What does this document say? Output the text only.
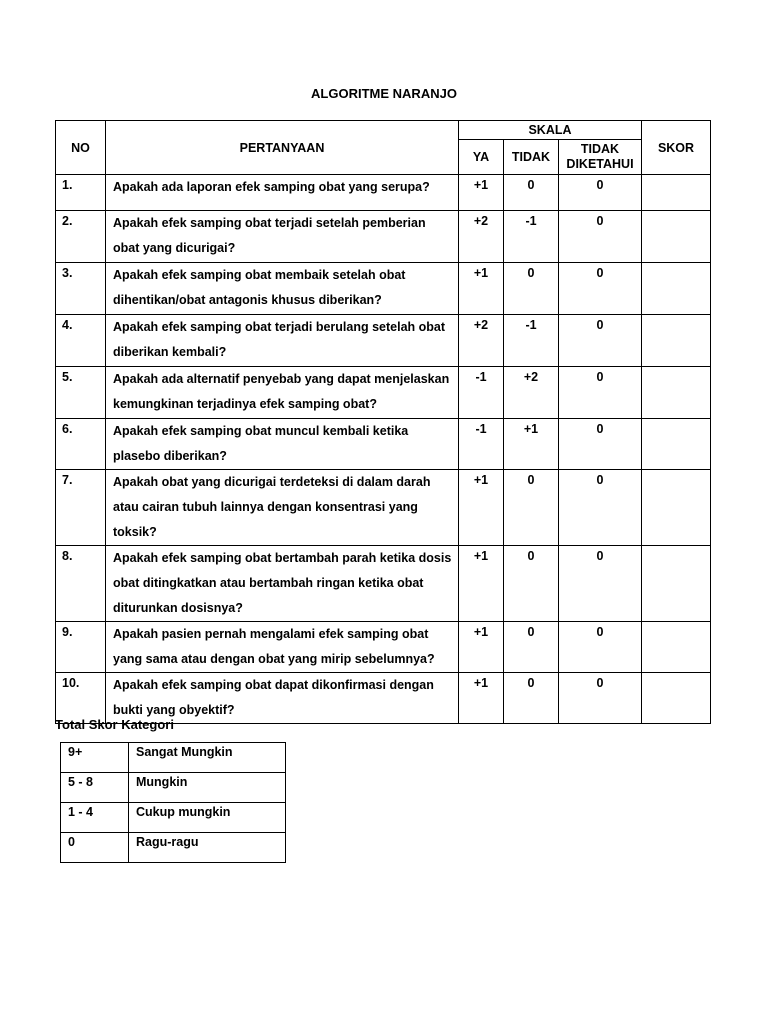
ALGORITME NARANJO
NO	PERTANYAAN	SKALA			SKOR
		YA	TIDAK	TIDAK DIKETAHUI	
1.	Apakah ada laporan efek samping obat yang serupa?	+1	0	0	
2.	Apakah efek samping obat terjadi setelah pemberian obat yang dicurigai?	+2	-1	0	
3.	Apakah efek samping obat membaik setelah obat dihentikan/obat antagonis khusus diberikan?	+1	0	0	
4.	Apakah efek samping obat terjadi berulang setelah obat diberikan kembali?	+2	-1	0	
5.	Apakah ada alternatif penyebab yang dapat menjelaskan kemungkinan terjadinya efek samping obat?	-1	+2	0	
6.	Apakah efek samping obat muncul kembali ketika plasebo diberikan?	-1	+1	0	
7.	Apakah obat yang dicurigai terdeteksi di dalam darah atau cairan tubuh lainnya dengan konsentrasi yang toksik?	+1	0	0	
8.	Apakah efek samping obat bertambah parah ketika dosis obat ditingkatkan atau bertambah ringan ketika obat diturunkan dosisnya?	+1	0	0	
9.	Apakah pasien pernah mengalami efek samping obat yang sama atau dengan obat yang mirip sebelumnya?	+1	0	0	
10.	Apakah efek samping obat dapat dikonfirmasi dengan bukti yang obyektif?	+1	0	0	
Total Skor Kategori
9+	Sangat Mungkin
5 - 8	Mungkin
1 - 4	Cukup mungkin
0	Ragu-ragu
